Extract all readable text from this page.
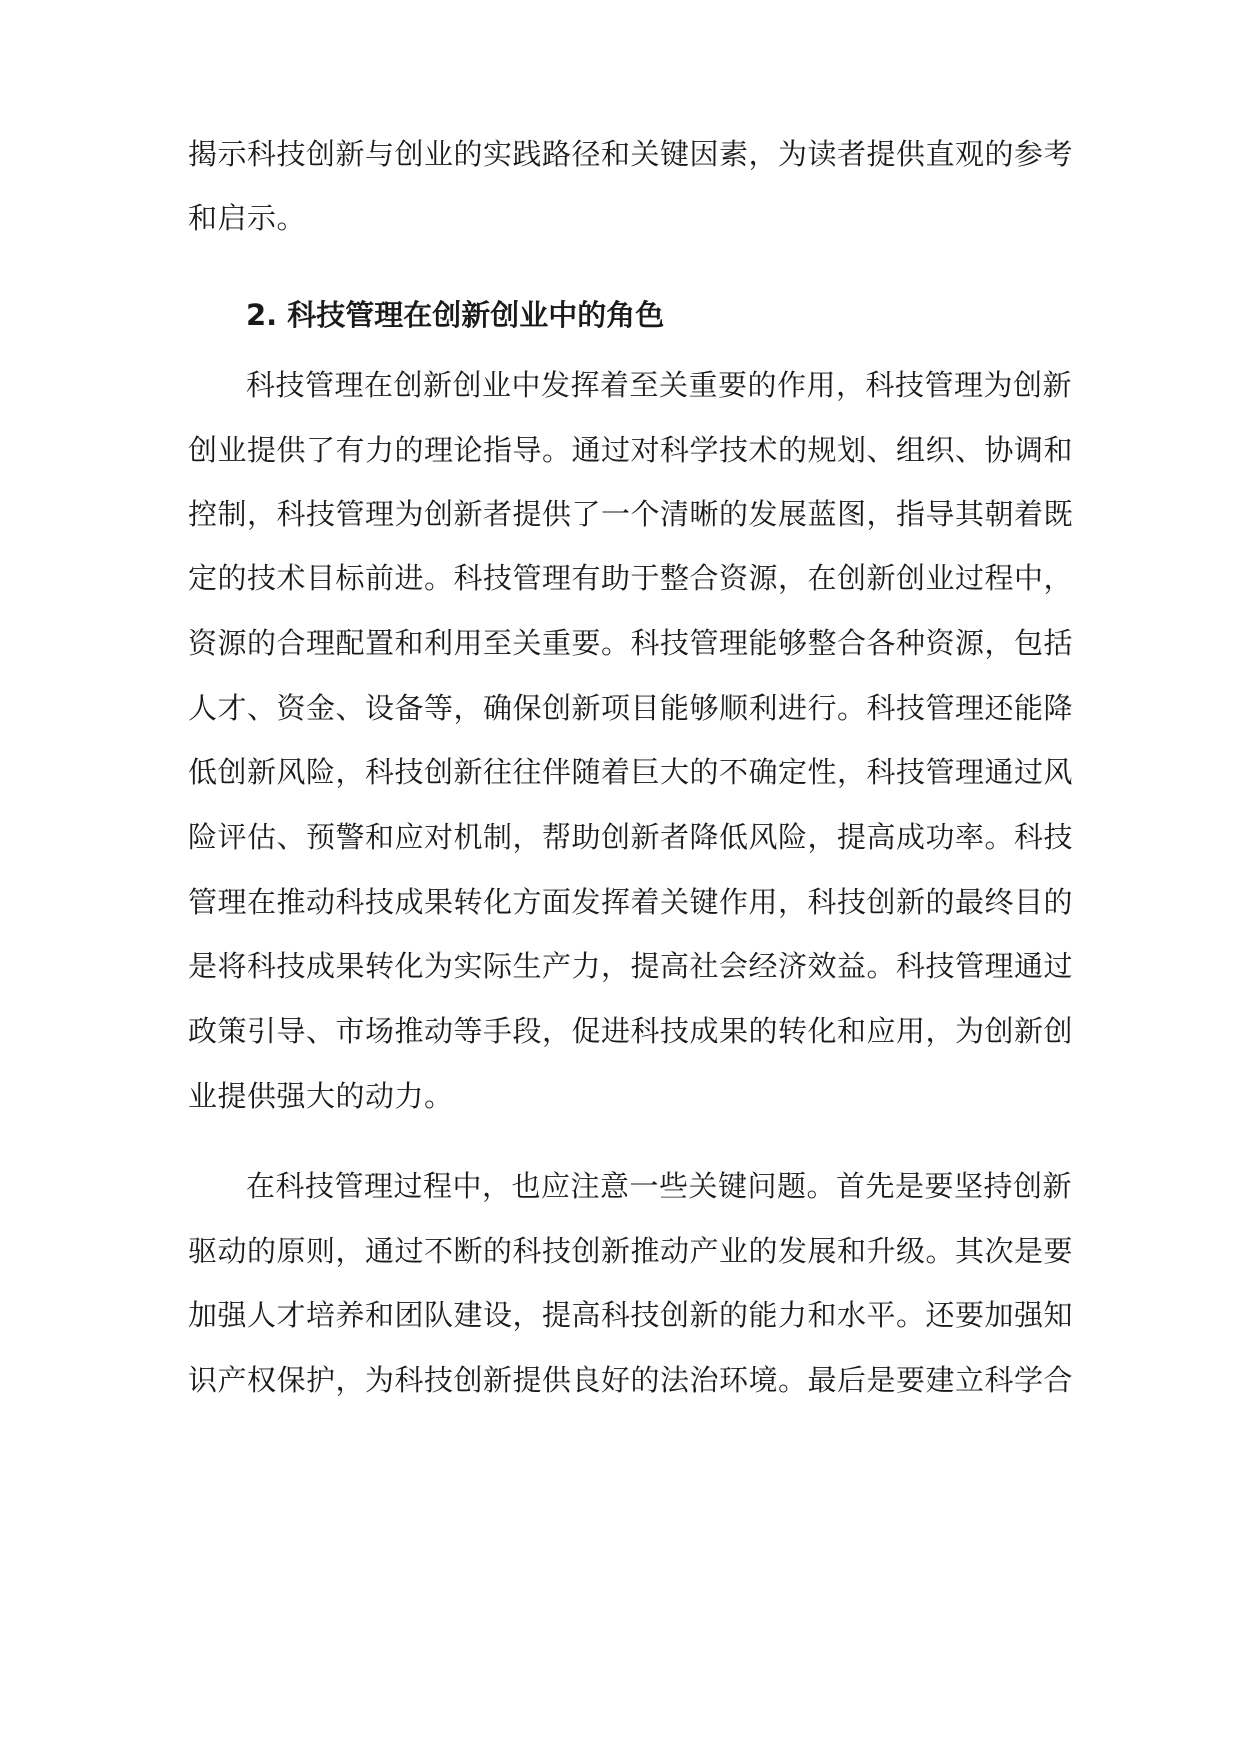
揭示科技创新与创业的实践路径和关键因素，为读者提供直观的参考
和启示。
2. 科技管理在创新创业中的角色
科技管理在创新创业中发挥着至关重要的作用，科技管理为创新
创业提供了有力的理论指导。通过对科学技术的规划、组织、协调和
控制，科技管理为创新者提供了一个清晰的发展蓝图，指导其朝着既
定的技术目标前进。科技管理有助于整合资源，在创新创业过程中，
资源的合理配置和利用至关重要。科技管理能够整合各种资源，包括
人才、资金、设备等，确保创新项目能够顺利进行。科技管理还能降
低创新风险，科技创新往往伴随着巨大的不确定性，科技管理通过风
险评估、预警和应对机制，帮助创新者降低风险，提高成功率。科技
管理在推动科技成果转化方面发挥着关键作用，科技创新的最终目的
是将科技成果转化为实际生产力，提高社会经济效益。科技管理通过
政策引导、市场推动等手段，促进科技成果的转化和应用，为创新创
业提供强大的动力。
在科技管理过程中，也应注意一些关键问题。首先是要坚持创新
驱动的原则，通过不断的科技创新推动产业的发展和升级。其次是要
加强人才培养和团队建设，提高科技创新的能力和水平。还要加强知
识产权保护，为科技创新提供良好的法治环境。最后是要建立科学合
